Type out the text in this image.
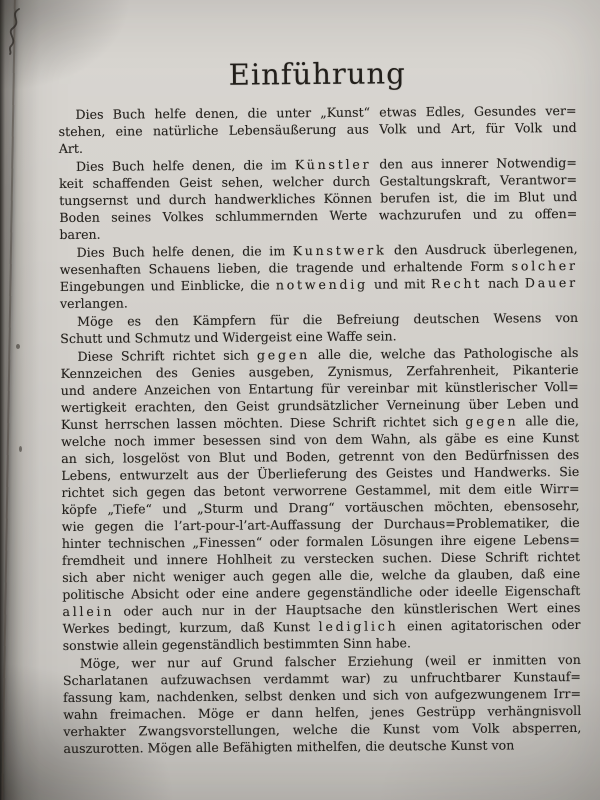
Einführung

Dies Buch helfe denen, die unter „Kunst“ etwas Edles, Gesundes ver=
stehen, eine natürliche Lebensäußerung aus Volk und Art, für Volk und
Art.

Dies Buch helfe denen, die im Künstler den aus innerer Notwendig=
keit schaffenden Geist sehen, welcher durch Gestaltungskraft, Verantwor=
tungsernst und durch handwerkliches Können berufen ist, die im Blut und
Boden seines Volkes schlummernden Werte wachzurufen und zu offen=
baren.

Dies Buch helfe denen, die im Kunstwerk den Ausdruck überlegenen,
wesenhaften Schauens lieben, die tragende und erhaltende Form solcher
Eingebungen und Einblicke, die notwendig und mit Recht nach Dauer
verlangen.

Möge es den Kämpfern für die Befreiung deutschen Wesens von
Schutt und Schmutz und Widergeist eine Waffe sein.

Diese Schrift richtet sich gegen alle die, welche das Pathologische als
Kennzeichen des Genies ausgeben, Zynismus, Zerfahrenheit, Pikanterie
und andere Anzeichen von Entartung für vereinbar mit künstlerischer Voll=
wertigkeit erachten, den Geist grundsätzlicher Verneinung über Leben und
Kunst herrschen lassen möchten. Diese Schrift richtet sich gegen alle die,
welche noch immer besessen sind von dem Wahn, als gäbe es eine Kunst
an sich, losgelöst von Blut und Boden, getrennt von den Bedürfnissen des
Lebens, entwurzelt aus der Überlieferung des Geistes und Handwerks. Sie
richtet sich gegen das betont verworrene Gestammel, mit dem eitle Wirr=
köpfe „Tiefe“ und „Sturm und Drang“ vortäuschen möchten, ebensosehr,
wie gegen die l’art-pour-l’art-Auffassung der Durchaus=Problematiker, die
hinter technischen „Finessen“ oder formalen Lösungen ihre eigene Lebens=
fremdheit und innere Hohlheit zu verstecken suchen. Diese Schrift richtet
sich aber nicht weniger auch gegen alle die, welche da glauben, daß eine
politische Absicht oder eine andere gegenständliche oder ideelle Eigenschaft
allein oder auch nur in der Hauptsache den künstlerischen Wert eines
Werkes bedingt, kurzum, daß Kunst lediglich einen agitatorischen oder
sonstwie allein gegenständlich bestimmten Sinn habe.

Möge, wer nur auf Grund falscher Erziehung (weil er inmitten von
Scharlatanen aufzuwachsen verdammt war) zu unfruchtbarer Kunstauf=
fassung kam, nachdenken, selbst denken und sich von aufgezwungenem Irr=
wahn freimachen. Möge er dann helfen, jenes Gestrüpp verhängnisvoll
verhakter Zwangsvorstellungen, welche die Kunst vom Volk absperren,
auszurotten. Mögen alle Befähigten mithelfen, die deutsche Kunst von
